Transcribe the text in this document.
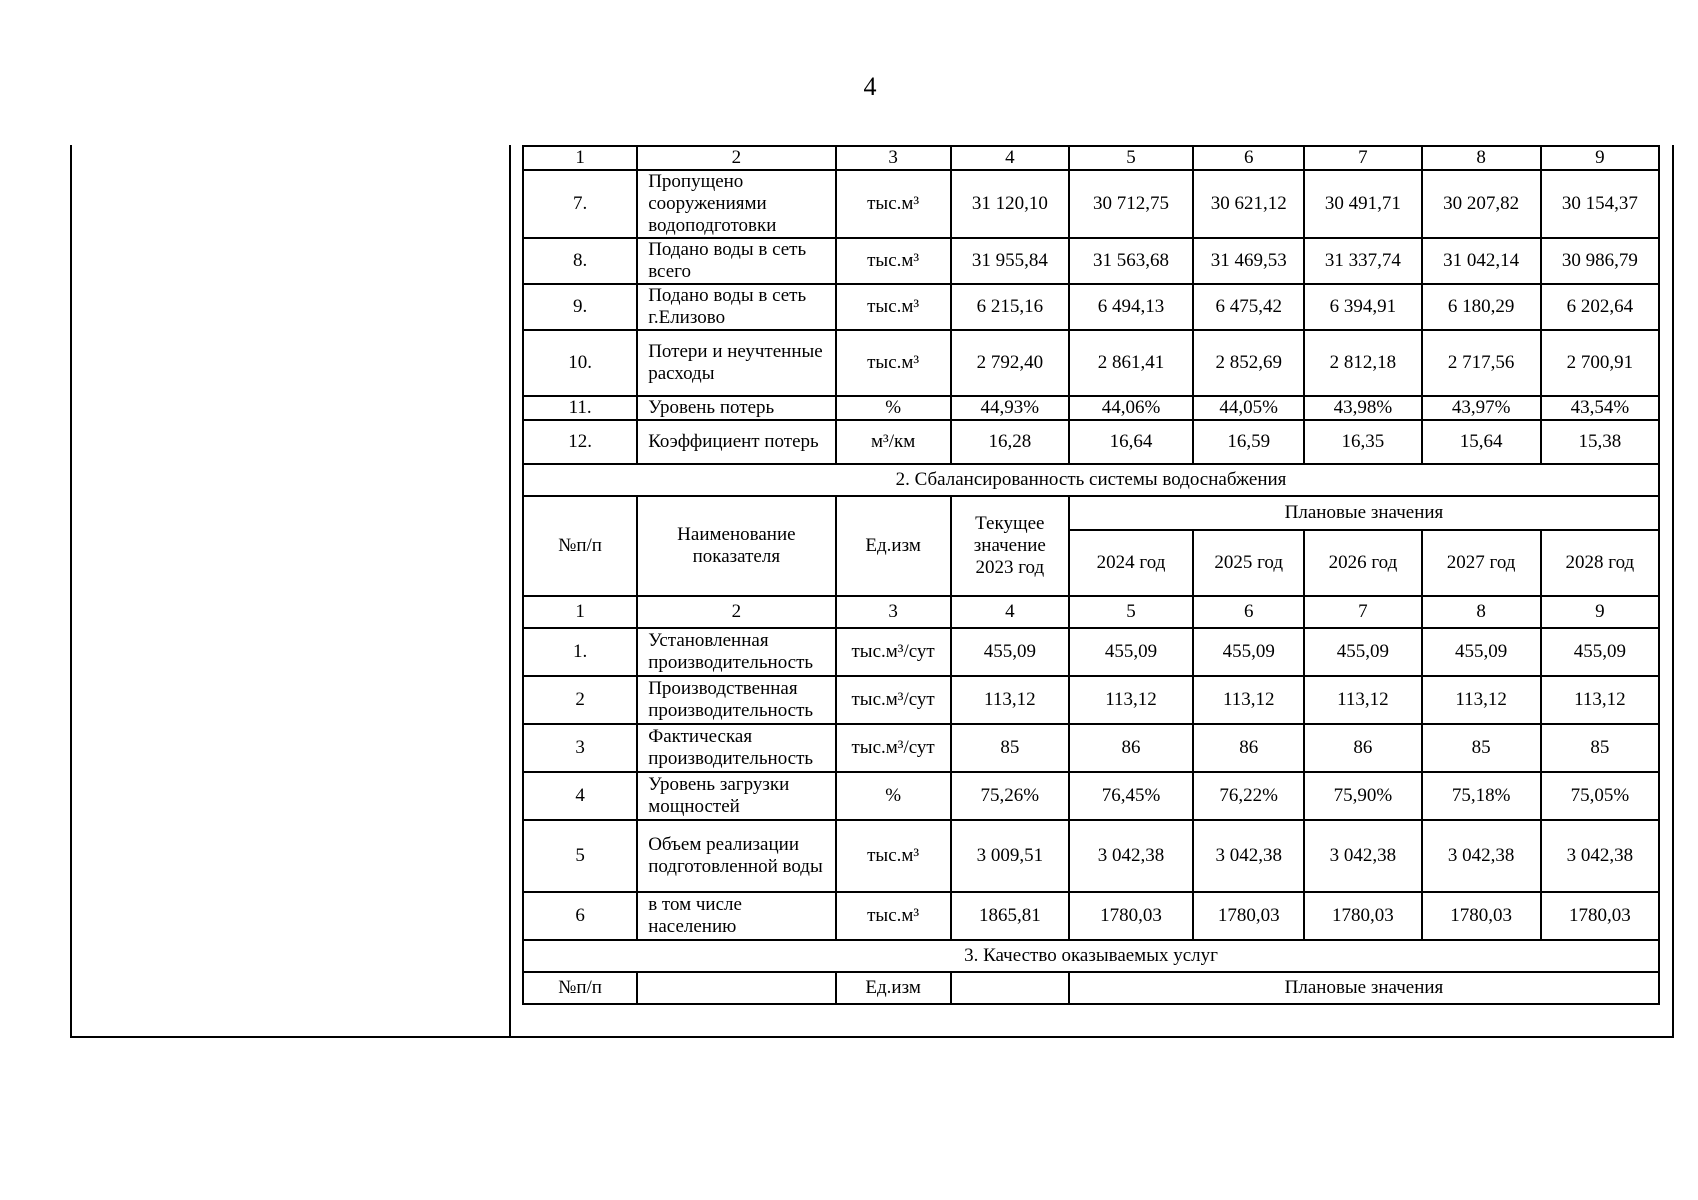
4
1	2	3	4	5	6	7	8	9
7.	Пропущено сооружениями водоподготовки	тыс.м³	31 120,10	30 712,75	30 621,12	30 491,71	30 207,82	30 154,37
8.	Подано воды в сеть всего	тыс.м³	31 955,84	31 563,68	31 469,53	31 337,74	31 042,14	30 986,79
9.	Подано воды в сеть г.Елизово	тыс.м³	6 215,16	6 494,13	6 475,42	6 394,91	6 180,29	6 202,64
10.	Потери и неучтенные расходы	тыс.м³	2 792,40	2 861,41	2 852,69	2 812,18	2 717,56	2 700,91
11.	Уровень потерь	%	44,93%	44,06%	44,05%	43,98%	43,97%	43,54%
12.	Коэффициент потерь	м³/км	16,28	16,64	16,59	16,35	15,64	15,38
2. Сбалансированность системы водоснабжения								
№п/п	Наименование показателя	Ед.изм	Текущее значение 2023 год	Плановые значения				
				2024 год	2025 год	2026 год	2027 год	2028 год
1	2	3	4	5	6	7	8	9
1.	Установленная производительность	тыс.м³/сут	455,09	455,09	455,09	455,09	455,09	455,09
2	Производственная производительность	тыс.м³/сут	113,12	113,12	113,12	113,12	113,12	113,12
3	Фактическая производительность	тыс.м³/сут	85	86	86	86	85	85
4	Уровень загрузки мощностей	%	75,26%	76,45%	76,22%	75,90%	75,18%	75,05%
5	Объем реализации подготовленной воды	тыс.м³	3 009,51	3 042,38	3 042,38	3 042,38	3 042,38	3 042,38
6	в том числе населению	тыс.м³	1865,81	1780,03	1780,03	1780,03	1780,03	1780,03
3. Качество оказываемых услуг								
№п/п		Ед.изм		Плановые значения				
